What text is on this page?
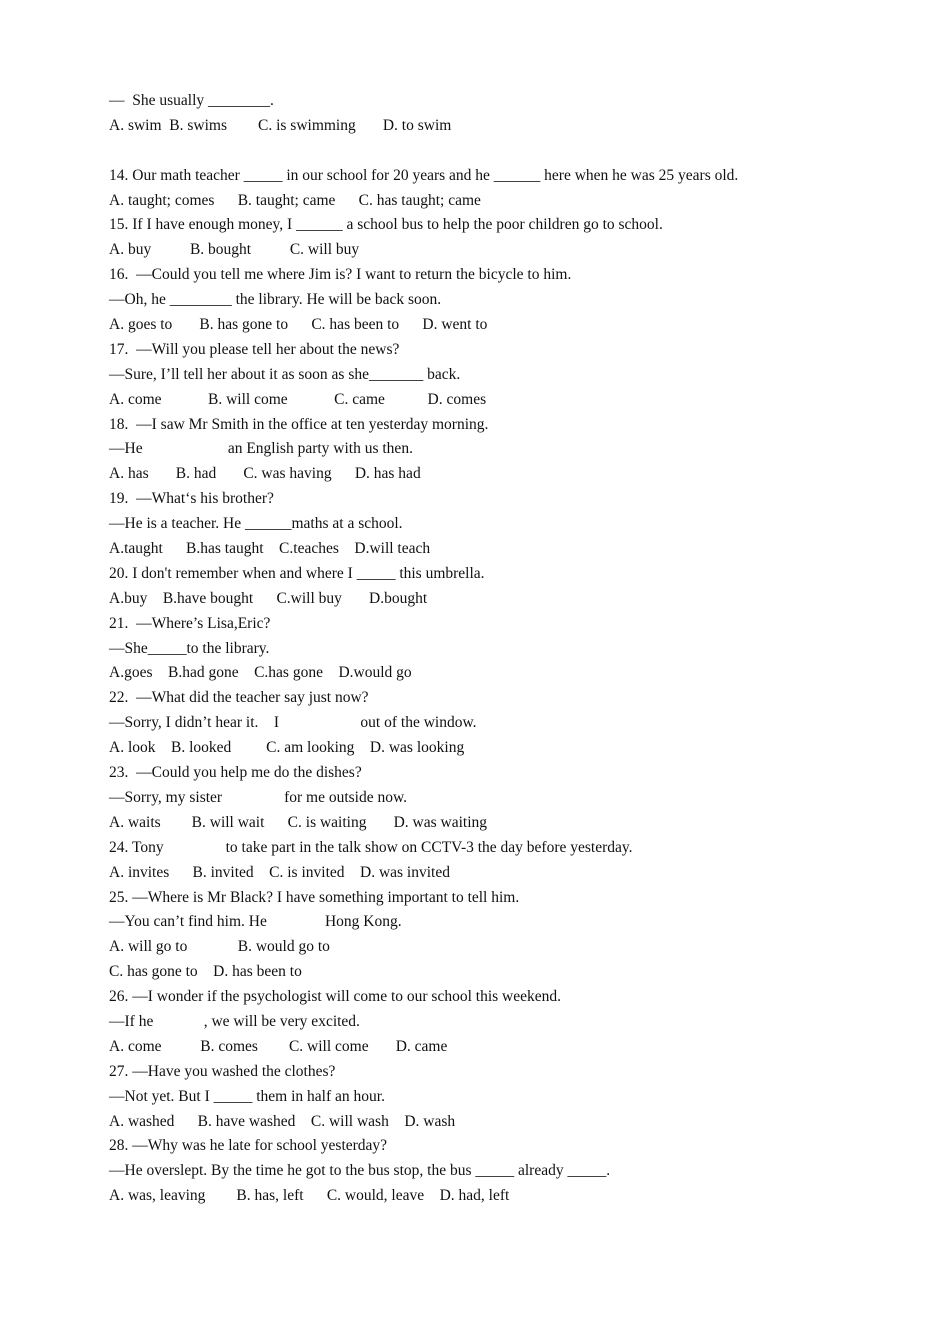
—  She usually ________.
A. swim  B. swims        C. is swimming       D. to swim
14. Our math teacher _____ in our school for 20 years and he ______ here when he was 25 years old.
A. taught; comes      B. taught; came      C. has taught; came
15. If I have enough money, I ______ a school bus to help the poor children go to school.
A. buy          B. bought          C. will buy
16.  —Could you tell me where Jim is? I want to return the bicycle to him.
—Oh, he ________ the library. He will be back soon.
A. goes to       B. has gone to      C. has been to      D. went to
17.  —Will you please tell her about the news?
—Sure, I’ll tell her about it as soon as she_______ back.
A. come            B. will come            C. came           D. comes
18.  —I saw Mr Smith in the office at ten yesterday morning.
—He                      an English party with us then.
A. has       B. had       C. was having      D. has had
19.  —What‘s his brother?
—He is a teacher. He ______maths at a school.
A.taught      B.has taught    C.teaches    D.will teach
20. I don't remember when and where I _____ this umbrella.
A.buy    B.have bought      C.will buy       D.bought
21.  —Where’s Lisa,Eric?
—She_____to the library.
A.goes    B.had gone    C.has gone    D.would go
22.  —What did the teacher say just now?
—Sorry, I didn’t hear it.    I                     out of the window.
A. look    B. looked         C. am looking    D. was looking
23.  —Could you help me do the dishes?
—Sorry, my sister                for me outside now.
A. waits        B. will wait      C. is waiting       D. was waiting
24. Tony                to take part in the talk show on CCTV-3 the day before yesterday.
A. invites      B. invited    C. is invited    D. was invited
25. —Where is Mr Black? I have something important to tell him.
—You can’t find him. He               Hong Kong.
A. will go to             B. would go to
C. has gone to    D. has been to
26. —I wonder if the psychologist will come to our school this weekend.
—If he             , we will be very excited.
A. come          B. comes        C. will come       D. came
27. —Have you washed the clothes?
—Not yet. But I _____ them in half an hour.
A. washed      B. have washed    C. will wash    D. wash
28. —Why was he late for school yesterday?
—He overslept. By the time he got to the bus stop, the bus _____ already _____.
A. was, leaving        B. has, left      C. would, leave    D. had, left
